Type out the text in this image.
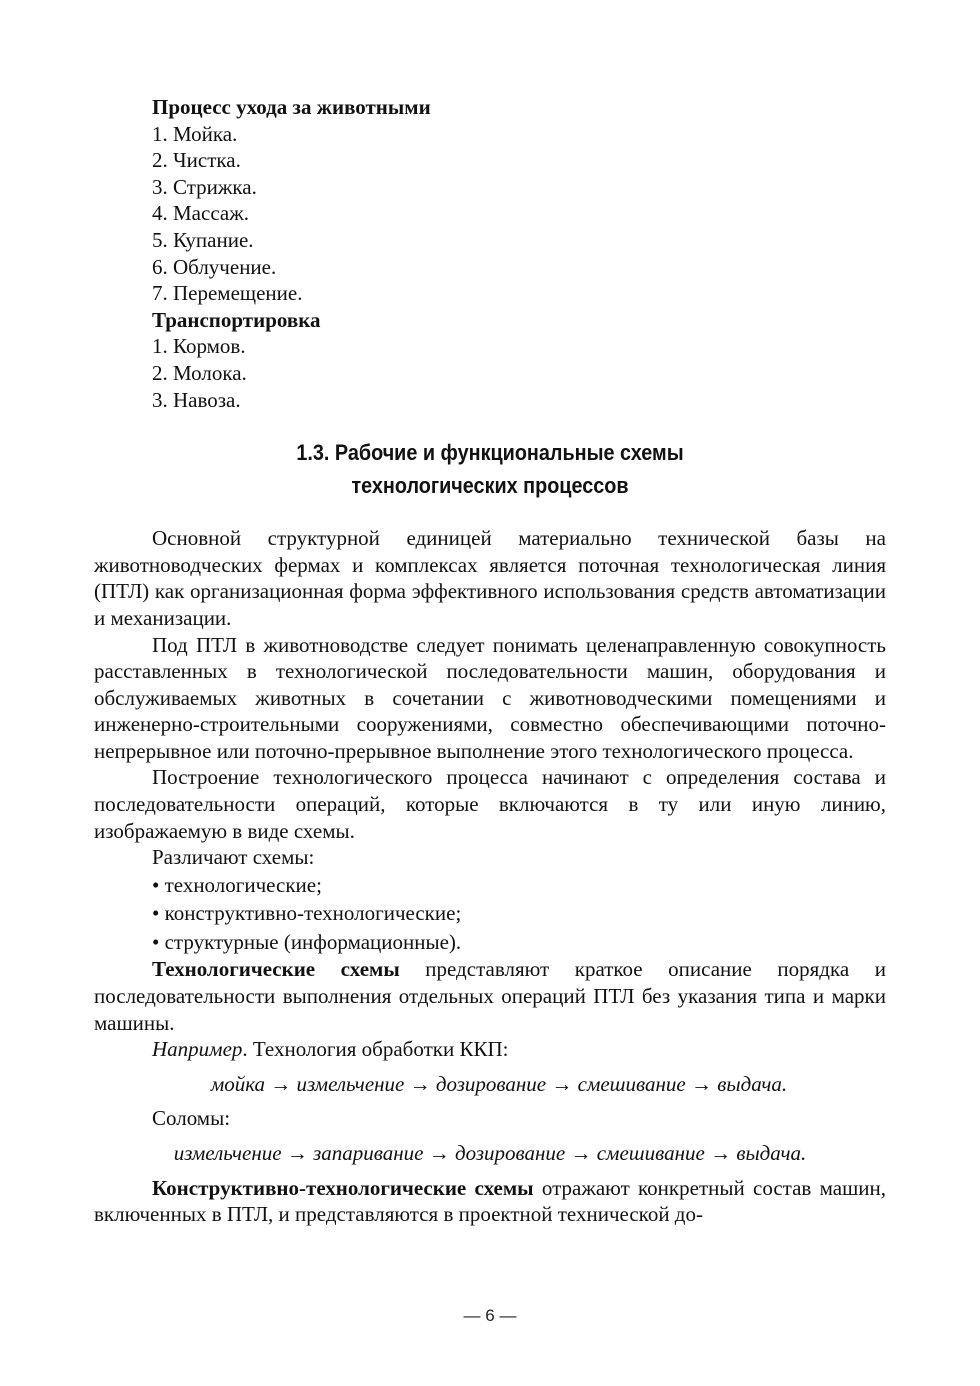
Процесс ухода за животными
1. Мойка.
2. Чистка.
3. Стрижка.
4. Массаж.
5. Купание.
6. Облучение.
7. Перемещение.
Транспортировка
1. Кормов.
2. Молока.
3. Навоза.
1.3. Рабочие и функциональные схемы
технологических процессов

Основной структурной единицей материально технической базы на животноводческих фермах и комплексах является поточная технологическая линия (ПТЛ) как организационная форма эффективного использования средств автоматизации и механизации.

Под ПТЛ в животноводстве следует понимать целенаправленную совокупность расставленных в технологической последовательности машин, оборудования и обслуживаемых животных в сочетании с животноводческими помещениями и инженерно-строительными сооружениями, совместно обеспечивающими поточно-непрерывное или поточно-прерывное выполнение этого технологического процесса.

Построение технологического процесса начинают с определения состава и последовательности операций, которые включаются в ту или иную линию, изображаемую в виде схемы.

Различают схемы:

• технологические;

• конструктивно-технологические;

• структурные (информационные).

Технологические схемы представляют краткое описание порядка и последовательности выполнения отдельных операций ПТЛ без указания типа и марки машины.

Например. Технология обработки ККП:

мойка → измельчение → дозирование → смешивание → выдача.

Соломы:

измельчение → запаривание → дозирование → смешивание → выдача.

Конструктивно-технологические схемы отражают конкретный состав машин, включенных в ПТЛ, и представляются в проектной технической до-

— 6 —
